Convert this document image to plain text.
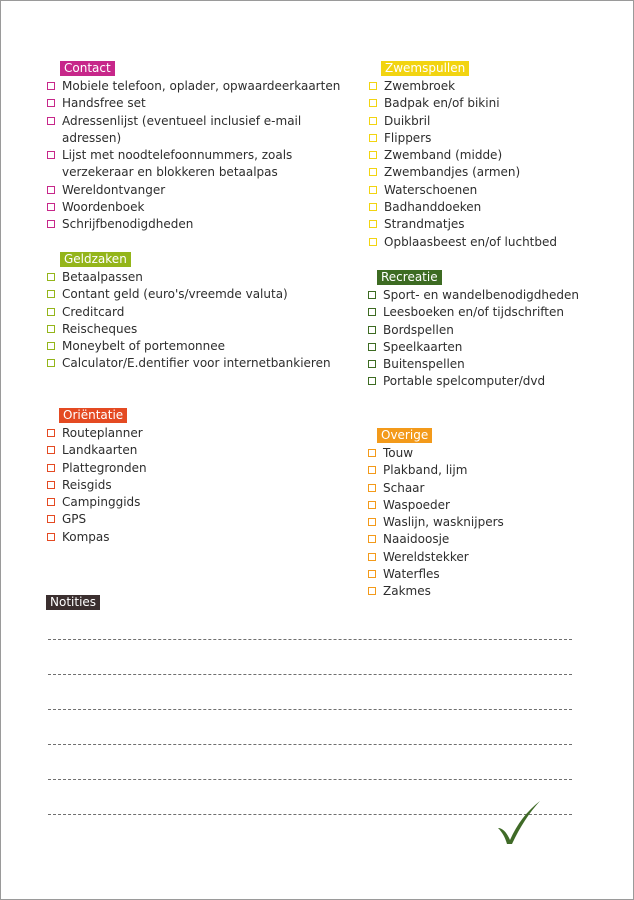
Contact
Mobiele telefoon, oplader, opwaardeerkaarten
Handsfree set
Adressenlijst (eventueel inclusief e-mail adressen)
Lijst met noodtelefoonnummers, zoals verzekeraar en blokkeren betaalpas
Wereldontvanger
Woordenboek
Schrijfbenodigdheden
Zwemspullen
Zwembroek
Badpak en/of bikini
Duikbril
Flippers
Zwemband (midde)
Zwembandjes (armen)
Waterschoenen
Badhanddoeken
Strandmatjes
Opblaasbeest en/of luchtbed
Geldzaken
Betaalpassen
Contant geld (euro's/vreemde valuta)
Creditcard
Reischeques
Moneybelt of portemonnee
Calculator/E.dentifier voor internetbankieren
Recreatie
Sport- en wandelbenodigdheden
Leesboeken en/of tijdschriften
Bordspellen
Speelkaarten
Buitenspellen
Portable spelcomputer/dvd
Oriëntatie
Routeplanner
Landkaarten
Plattegronden
Reisgids
Campinggids
GPS
Kompas
Overige
Touw
Plakband, lijm
Schaar
Waspoeder
Waslijn, wasknijpers
Naaidoosje
Wereldstekker
Waterfles
Zakmes
Notities
